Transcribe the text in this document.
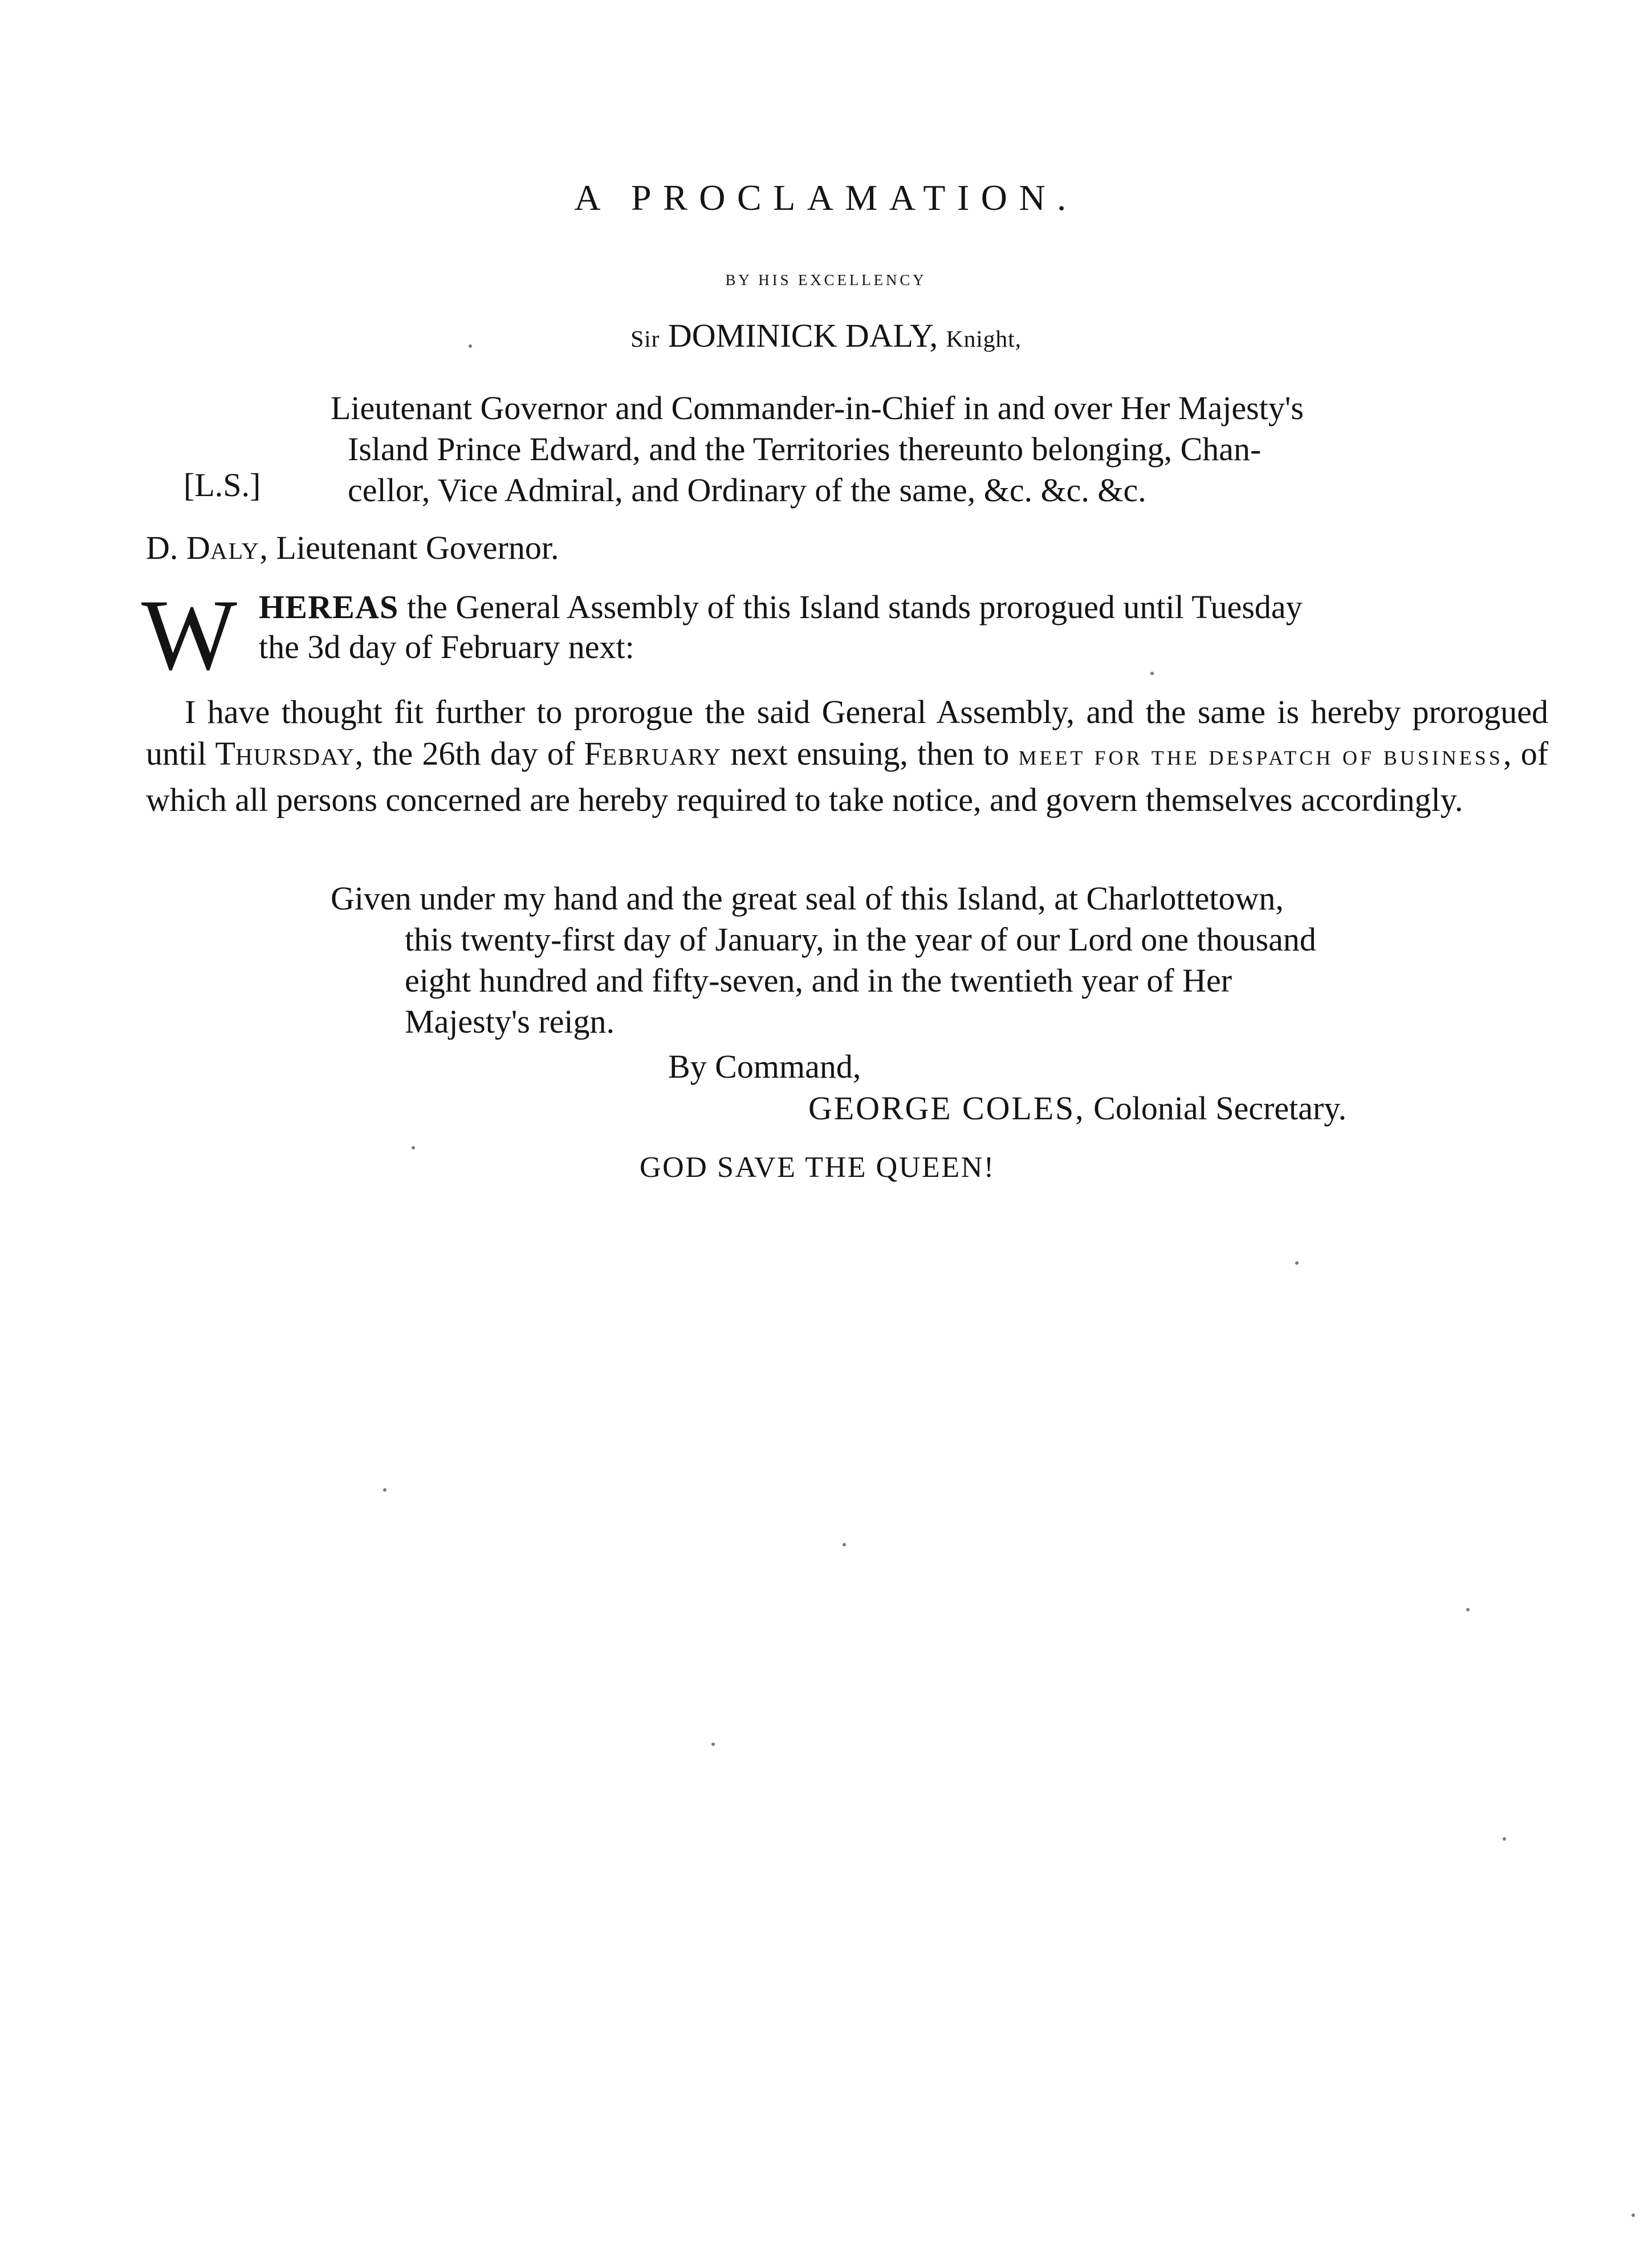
A PROCLAMATION.
BY HIS EXCELLENCY
Sir DOMINICK DALY, Knight,
Lieutenant Governor and Commander-in-Chief in and over Her Majesty's
Island Prince Edward, and the Territories thereunto belonging, Chan-
cellor, Vice Admiral, and Ordinary of the same, &c. &c. &c.
[L.S.]
D. DALY, Lieutenant Governor.
W HEREAS the General Assembly of this Island stands prorogued until Tuesday
the 3d day of February next:
I have thought fit further to prorogue the said General Assembly, and the same is hereby prorogued until THURSDAY, the 26th day of FEBRUARY next ensuing, then to MEET FOR THE DESPATCH OF BUSINESS, of which all persons concerned are hereby required to take notice, and govern themselves accordingly.
Given under my hand and the great seal of this Island, at Charlottetown,
this twenty-first day of January, in the year of our Lord one thousand
eight hundred and fifty-seven, and in the twentieth year of Her
Majesty's reign.
By Command,
GEORGE COLES, Colonial Secretary.
GOD SAVE THE QUEEN!
